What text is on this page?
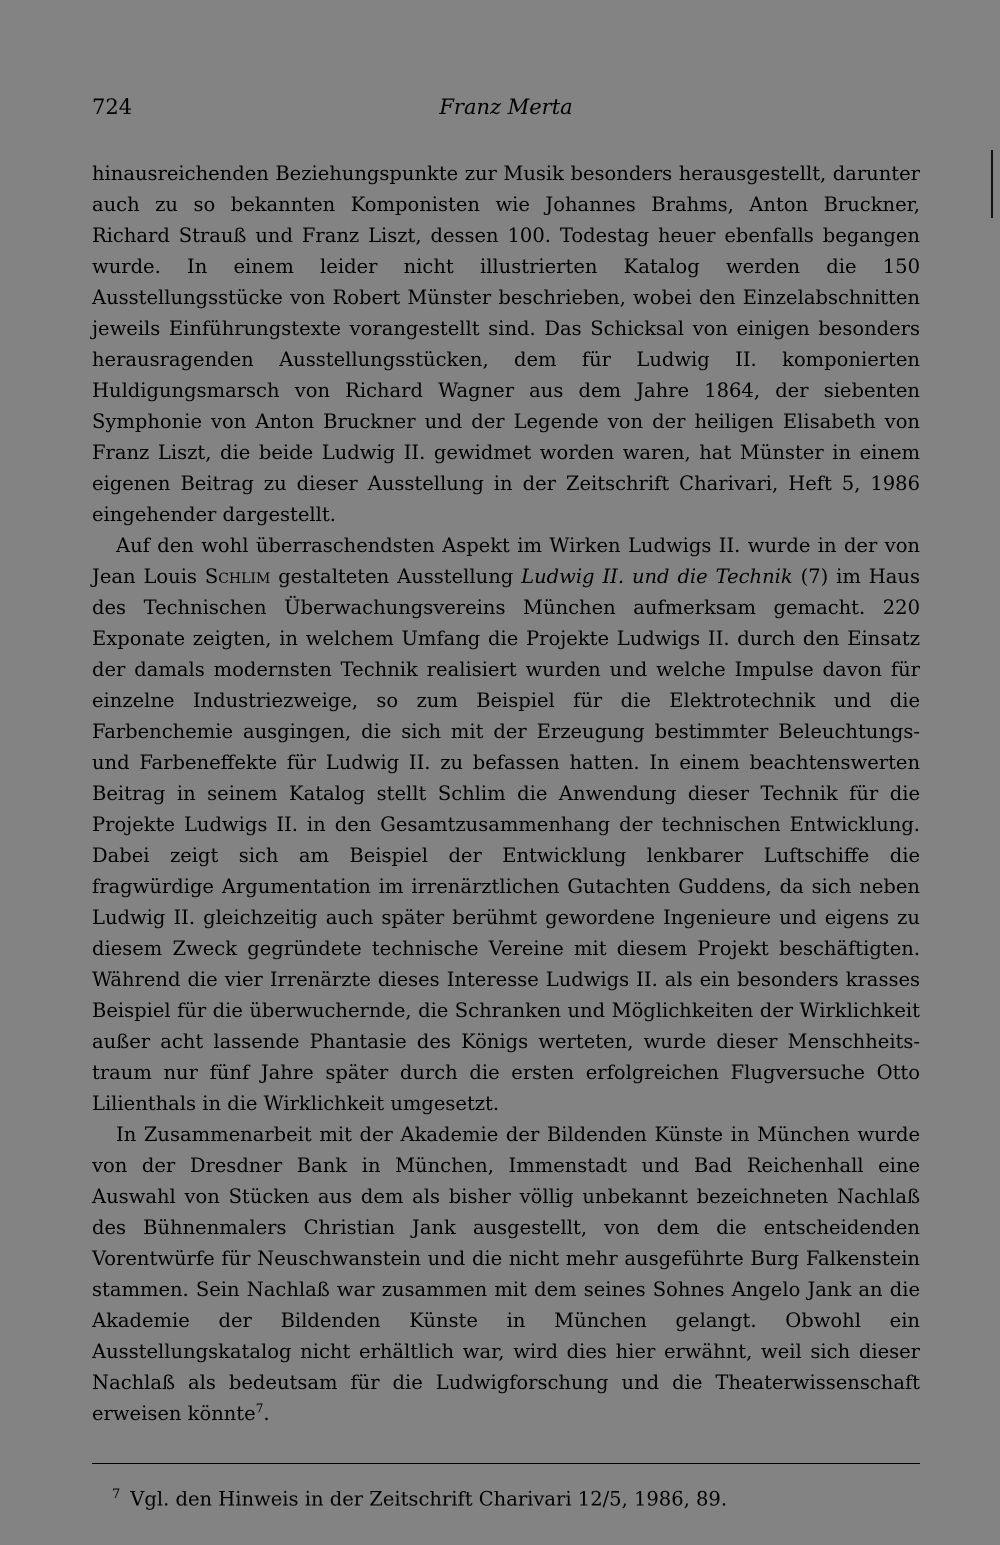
724	Franz Merta

hinausreichenden Beziehungspunkte zur Musik besonders herausgestellt, darunter auch zu so bekannten Komponisten wie Johannes Brahms, Anton Bruckner, Richard Strauß und Franz Liszt, dessen 100. Todestag heuer ebenfalls begangen wurde. In einem leider nicht illustrierten Katalog werden die 150 Ausstellungsstücke von Robert Münster beschrieben, wobei den Einzelabschnitten jeweils Einführungstexte vorangestellt sind. Das Schicksal von einigen besonders herausragenden Ausstellungsstücken, dem für Ludwig II. komponierten Huldigungsmarsch von Richard Wagner aus dem Jahre 1864, der siebenten Symphonie von Anton Bruckner und der Legende von der heiligen Elisabeth von Franz Liszt, die beide Ludwig II. gewidmet worden waren, hat Münster in einem eigenen Beitrag zu dieser Ausstellung in der Zeitschrift Charivari, Heft 5, 1986 eingehender dargestellt.

Auf den wohl überraschendsten Aspekt im Wirken Ludwigs II. wurde in der von Jean Louis Schlim gestalteten Ausstellung Ludwig II. und die Technik (7) im Haus des Technischen Überwachungsvereins München aufmerksam gemacht. 220 Exponate zeigten, in welchem Umfang die Projekte Ludwigs II. durch den Einsatz der damals modernsten Technik realisiert wurden und welche Impulse davon für einzelne Industriezweige, so zum Beispiel für die Elektrotechnik und die Farbenchemie ausgingen, die sich mit der Erzeugung bestimmter Beleuchtungs- und Farbeneffekte für Ludwig II. zu befassen hatten. In einem beachtenswerten Beitrag in seinem Katalog stellt Schlim die Anwendung dieser Technik für die Projekte Ludwigs II. in den Gesamtzusammenhang der technischen Entwicklung. Dabei zeigt sich am Beispiel der Entwicklung lenkbarer Luftschiffe die fragwürdige Argumentation im irrenärztlichen Gutachten Guddens, da sich neben Ludwig II. gleichzeitig auch später berühmt gewordene Ingenieure und eigens zu diesem Zweck gegründete technische Vereine mit diesem Projekt beschäftigten. Während die vier Irrenärzte dieses Interesse Ludwigs II. als ein besonders krasses Beispiel für die überwuchernde, die Schranken und Möglichkeiten der Wirklichkeit außer acht lassende Phantasie des Königs werteten, wurde dieser Menschheitstraum nur fünf Jahre später durch die ersten erfolgreichen Flugversuche Otto Lilienthals in die Wirklichkeit umgesetzt.

In Zusammenarbeit mit der Akademie der Bildenden Künste in München wurde von der Dresdner Bank in München, Immenstadt und Bad Reichenhall eine Auswahl von Stücken aus dem als bisher völlig unbekannt bezeichneten Nachlaß des Bühnenmalers Christian Jank ausgestellt, von dem die entscheidenden Vorentwürfe für Neuschwanstein und die nicht mehr ausgeführte Burg Falkenstein stammen. Sein Nachlaß war zusammen mit dem seines Sohnes Angelo Jank an die Akademie der Bildenden Künste in München gelangt. Obwohl ein Ausstellungskatalog nicht erhältlich war, wird dies hier erwähnt, weil sich dieser Nachlaß als bedeutsam für die Ludwigforschung und die Theaterwissenschaft erweisen könnte$^7$.

$^7$ Vgl. den Hinweis in der Zeitschrift Charivari 12/5, 1986, 89.
